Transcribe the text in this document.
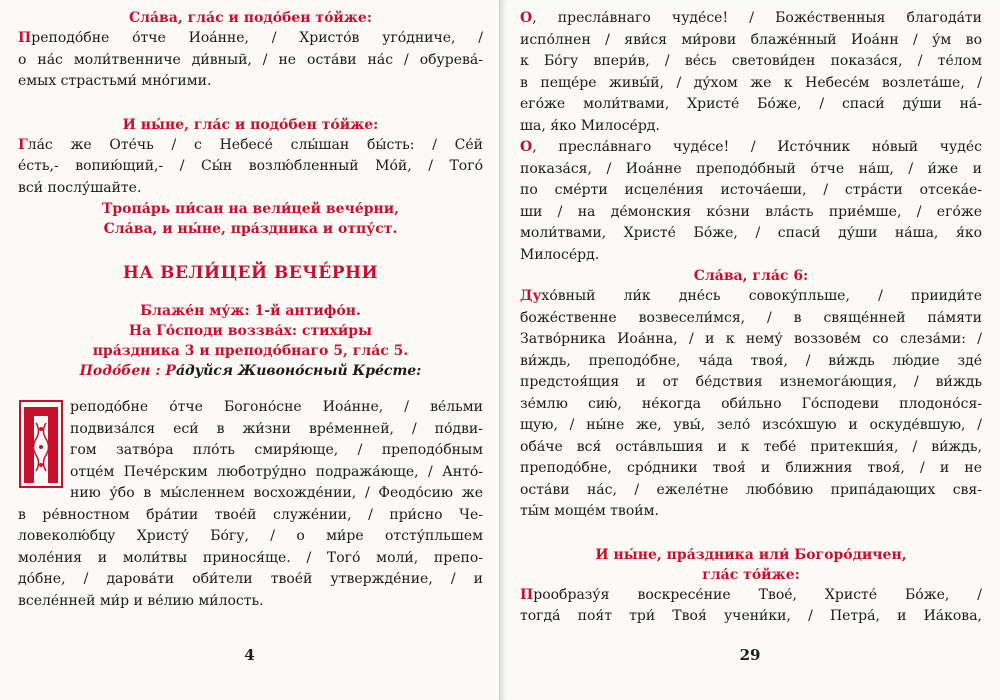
Сла́ва, гла́с и подо́бен то́йже:

Преподо́бне о́тче Иоа́нне, / Христо́в уго́дниче, /
о на́с моли́твенниче ди́вный, / не оста́ви на́с / обурева́-
емых страстьми́ мно́гими.

И ны́не, гла́с и подо́бен то́йже:

Гла́с же Оте́чь / с Небесе́ слы́шан бы́сть: / Се́й
е́сть,- вопию́щий,- / Сы́н возлю́бленный Мо́й, / Того́
вси́ послу́шайте.

Тропа́рь пи́сан на вели́цей вече́рни,

Сла́ва, и ны́не, пра́здника и отпу́ст.

НА ВЕЛИ́ЦЕЙ ВЕЧЕ́РНИ

Блаже́н му́ж: 1-й антифо́н.

На Го́споди воззва́х: стихи́ры

пра́здника 3 и преподо́бнаго 5, гла́с 5.

Подо́бен : Ра́дуйся Живоно́сный Кре́сте:

реподо́бне о́тче Богоно́сне Иоа́нне, / ве́льми
подвиза́лся еси́ в жи́зни вре́менней, / по́дви-
гом затво́ра пло́ть смиря́юще, / преподо́бным
отце́м Пече́рским люботру́дно подража́юще, / Анто́-
нию у́бо в мы́сленнем восхожде́нии, / Феодо́сию же
в ре́вностном бра́тии твое́й служе́нии, / при́сно Че-
ловеколю́бцу Христу́ Бо́гу, / о ми́ре отсту́пльшем
моле́ния и моли́твы принося́ще. / Того́ моли́, препо-
до́бне, / дарова́ти оби́тели твое́й утвержде́ние, / и
вселе́нней ми́р и ве́лию ми́лость.
4
О, пресла́внаго чуде́се! / Боже́ственныя благода́ти
испо́лнен / яви́ся ми́рови блаже́нный Иоа́нн / у́м во
к Бо́гу впери́в, / ве́сь светови́ден показа́ся, / те́лом
в пеще́ре живы́й, / ду́хом же к Небесе́м возлета́ше, /
его́же моли́твами, Христе́ Бо́же, / спаси́ ду́ши на́-
ша, я́ко Милосе́рд.
О, пресла́внаго чуде́се! / Исто́чник но́вый чуде́с
показа́ся, / Иоа́нне преподо́бный о́тче на́ш, / и́же и
по сме́рти исцеле́ния источа́еши, / стра́сти отсека́е-
ши / на де́монския ко́зни вла́сть прие́мше, / его́же
моли́твами, Христе́ Бо́же, / спаси́ ду́ши на́ша, я́ко
Милосе́рд.

Сла́ва, гла́с 6:

Духо́вный ли́к дне́сь совоку́пльше, / прииди́те
боже́ственне возвесели́мся, / в свяще́нней па́мяти
Затво́рника Иоа́нна, / и к нему́ воззове́м со слеза́ми: /
ви́ждь, преподо́бне, ча́да твоя́, / ви́ждь лю́дие зде́
предстоя́щия и от бе́дствия изнемога́ющия, / ви́ждь
зе́млю сию́, не́когда оби́льно Го́сподеви плодоно́ся-
щую, / ны́не же, увы́, зело́ изсо́хшую и оскуде́вшую, /
оба́че вся́ оста́вльшия и к тебе́ притекши́я, / ви́ждь,
преподо́бне, сро́дники твоя́ и ближния твоя́, / и не
оста́ви на́с, / ежеле́тне любо́вию припа́дающих свя-
ты́м моще́м твои́м.

И ны́не, пра́здника или́ Богоро́дичен,

гла́с то́йже:

Прообразу́я воскресе́ние Твое́, Христе́ Бо́же, /
тогда́ поя́т три́ Твоя́ учени́ки, / Петра́, и Иа́кова,
29
